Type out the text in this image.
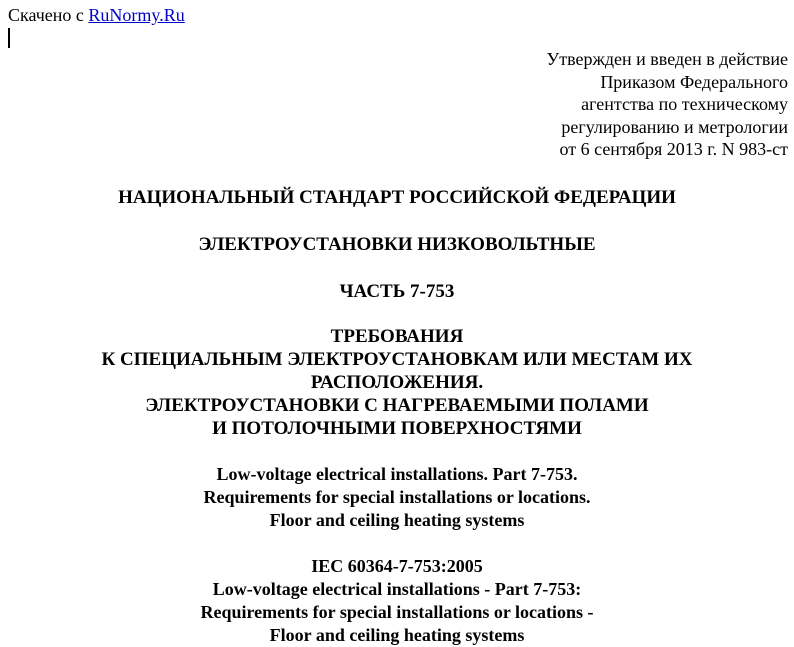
Скачено с RuNormy.Ru
Утвержден и введен в действие
Приказом Федерального
агентства по техническому
регулированию и метрологии
от 6 сентября 2013 г. N 983-ст
НАЦИОНАЛЬНЫЙ СТАНДАРТ РОССИЙСКОЙ ФЕДЕРАЦИИ
ЭЛЕКТРОУСТАНОВКИ НИЗКОВОЛЬТНЫЕ
ЧАСТЬ 7-753
ТРЕБОВАНИЯ
К СПЕЦИАЛЬНЫМ ЭЛЕКТРОУСТАНОВКАМ ИЛИ МЕСТАМ ИХ
РАСПОЛОЖЕНИЯ.
ЭЛЕКТРОУСТАНОВКИ С НАГРЕВАЕМЫМИ ПОЛАМИ
И ПОТОЛОЧНЫМИ ПОВЕРХНОСТЯМИ
Low-voltage electrical installations. Part 7-753.
Requirements for special installations or locations.
Floor and ceiling heating systems
IEC 60364-7-753:2005
Low-voltage electrical installations - Part 7-753:
Requirements for special installations or locations -
Floor and ceiling heating systems
